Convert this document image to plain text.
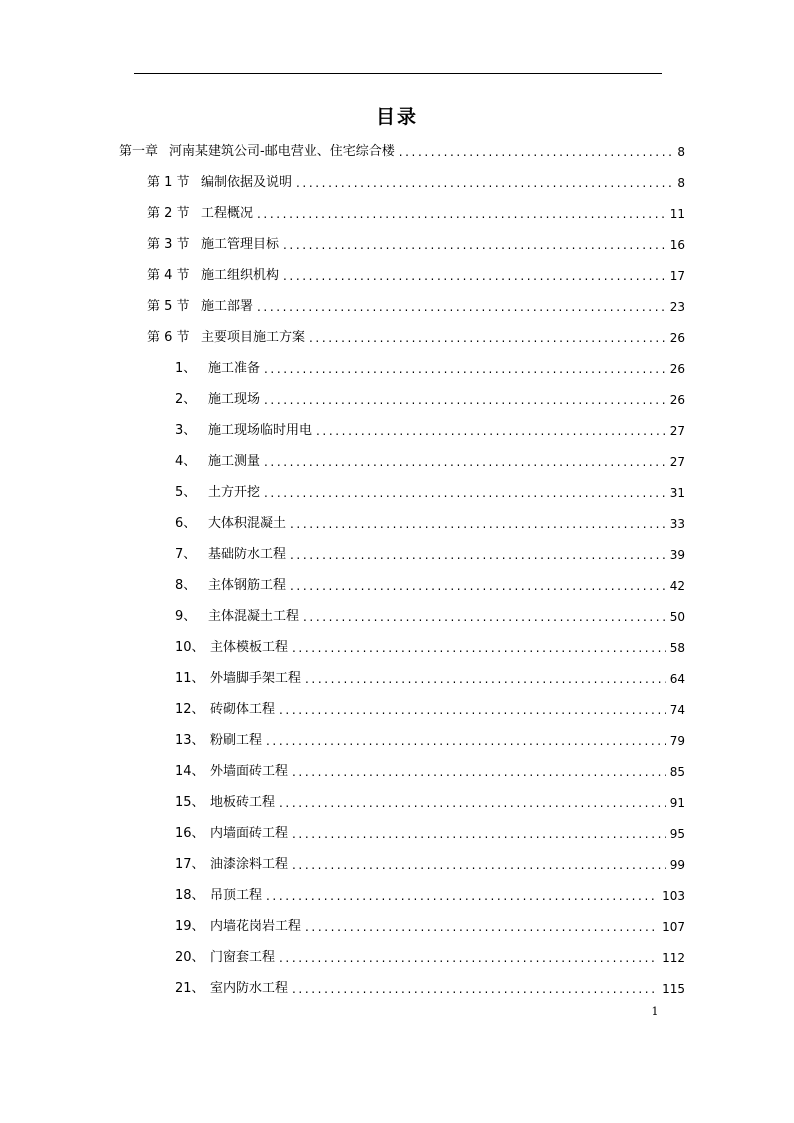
目录
第一章 河南某建筑公司-邮电营业、住宅综合楼 .....	8
第 1 节 编制依据及说明 .....	8
第 2 节 工程概况 .....	11
第 3 节 施工管理目标 .....	16
第 4 节 施工组织机构 .....	17
第 5 节 施工部署 .....	23
第 6 节 主要项目施工方案 .....	26
1、 施工准备 .....	26
2、 施工现场 .....	26
3、 施工现场临时用电 .....	27
4、 施工测量 .....	27
5、 土方开挖 .....	31
6、 大体积混凝土 .....	33
7、 基础防水工程 .....	39
8、 主体钢筋工程 .....	42
9、 主体混凝土工程 .....	50
10、 主体模板工程 .....	58
11、 外墙脚手架工程 .....	64
12、 砖砌体工程 .....	74
13、 粉刷工程 .....	79
14、 外墙面砖工程 .....	85
15、 地板砖工程 .....	91
16、 内墙面砖工程 .....	95
17、 油漆涂料工程 .....	99
18、 吊顶工程 .....	103
19、 内墙花岗岩工程 .....	107
20、 门窗套工程 .....	112
21、 室内防水工程 .....	115
1
